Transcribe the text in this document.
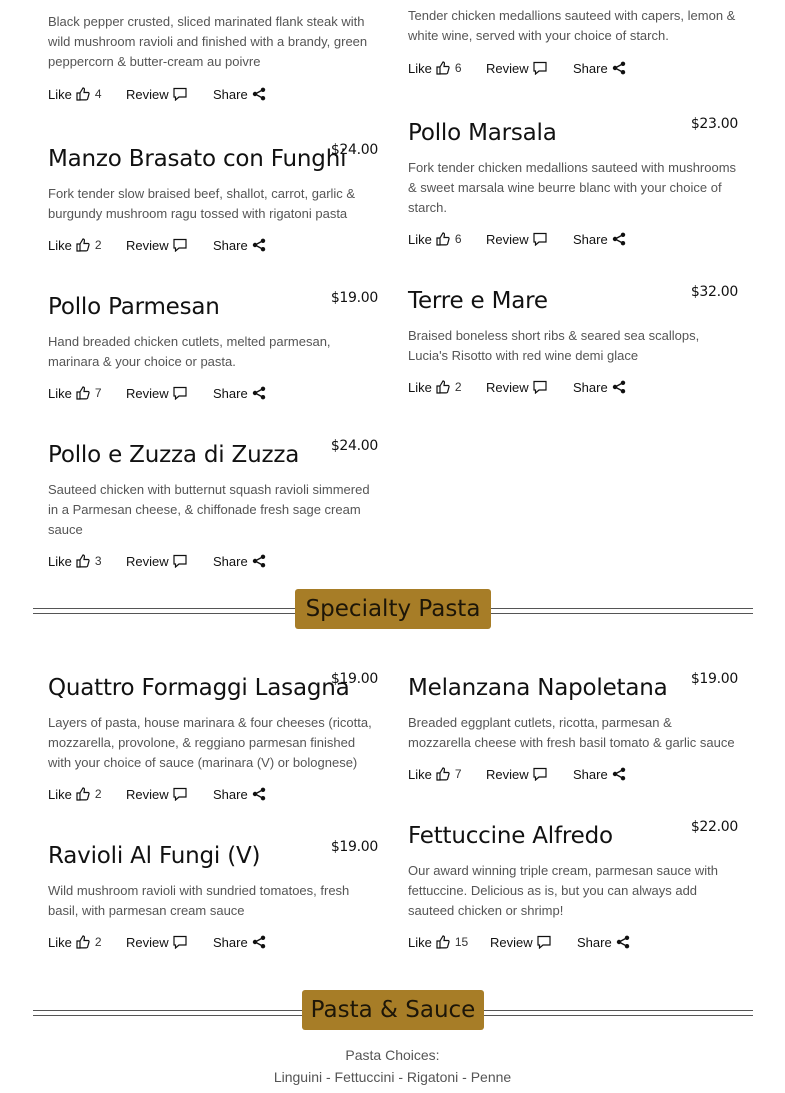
Black pepper crusted, sliced marinated flank steak with wild mushroom ravioli and finished with a brandy, green peppercorn & butter-cream au poivre
Like 4 Review	Share
Manzo Brasato con Funghi
$24.00
Fork tender slow braised beef, shallot, carrot, garlic & burgundy mushroom ragu tossed with rigatoni pasta
Like 2 Review	Share
Pollo Parmesan	$19.00
Hand breaded chicken cutlets, melted parmesan, marinara & your choice or pasta.
Like 7 Review	Share
Pollo e Zuzza di Zuzza $24.00
Sauteed chicken with butternut squash ravioli simmered in a Parmesan cheese, & chiffonade fresh sage cream sauce
Like 3 Review	Share
Tender chicken medallions sauteed with capers, lemon & white wine, served with your choice of starch.
Like 6 Review	Share
Pollo Marsala	$23.00
Fork tender chicken medallions sauteed with mushrooms & sweet marsala wine beurre blanc with your choice of starch.
Like 6 Review	Share
Terre e Mare	$32.00
Braised boneless short ribs & seared sea scallops, Lucia's Risotto with red wine demi glace
Like 2 Review	Share
Specialty Pasta
Quattro Formaggi Lasagna
$19.00
Layers of pasta, house marinara & four cheeses (ricotta, mozzarella, provolone, & reggiano parmesan finished with your choice of sauce (marinara (V) or bolognese)
Like 2 Review	Share
Ravioli Al Fungi (V)	$19.00
Wild mushroom ravioli with sundried tomatoes, fresh basil, with parmesan cream sauce
Like 2 Review	Share
Melanzana Napoletana $19.00
Breaded eggplant cutlets, ricotta, parmesan & mozzarella cheese with fresh basil tomato & garlic sauce
Like 7 Review	Share
Fettuccine Alfredo	$22.00
Our award winning triple cream, parmesan sauce with fettuccine. Delicious as is, but you can always add sauteed chicken or shrimp!
Like 15 Review	Share
Pasta & Sauce
Pasta Choices:
Linguini - Fettuccini - Rigatoni - Penne
